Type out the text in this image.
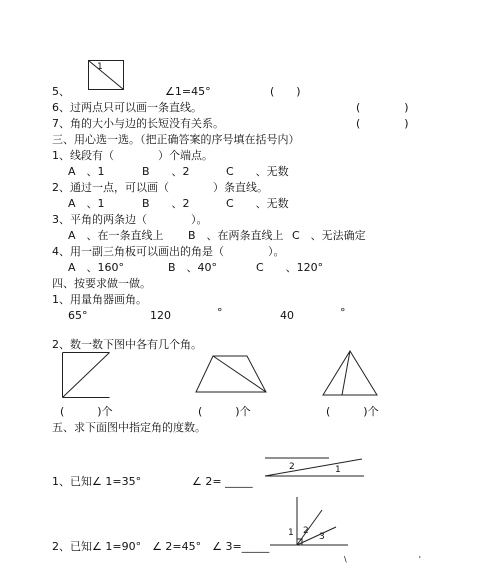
5、
1
∠1=45°	(　　)
6、过两点只可以画一条直线。	(　　　　)
7、角的大小与边的长短没有关系。	(　　　　)
三、用心选一选。（把正确答案的序号填在括号内）
1、线段有（　　　　）个端点。
A　、1	B　　、2	C　　、无数
2、通过一点，可以画（　　　　）条直线。
A　、1	B　　、2	C　　、无数
3、平角的两条边（　　　　）。
A　、在一条直线上 B　、在两条直线上 C　、无法确定
4、用一副三角板可以画出的角是（　　　　）。
A　、160°	B　、40°	C　　、120°
四、按要求做一做。
1、用量角器画角。
65°	120	°	40	°
2、数一数下图中各有几个角。
(　　　)个	(　　　)个	(　　　)个
五、求下面图中指定角的度数。
1、已知∠ 1=35°	∠ 2= _____
2	1
2、已知∠ 1=90°　∠ 2=45°　∠ 3=_____
1 2
3
\　　　　　　　　　'
